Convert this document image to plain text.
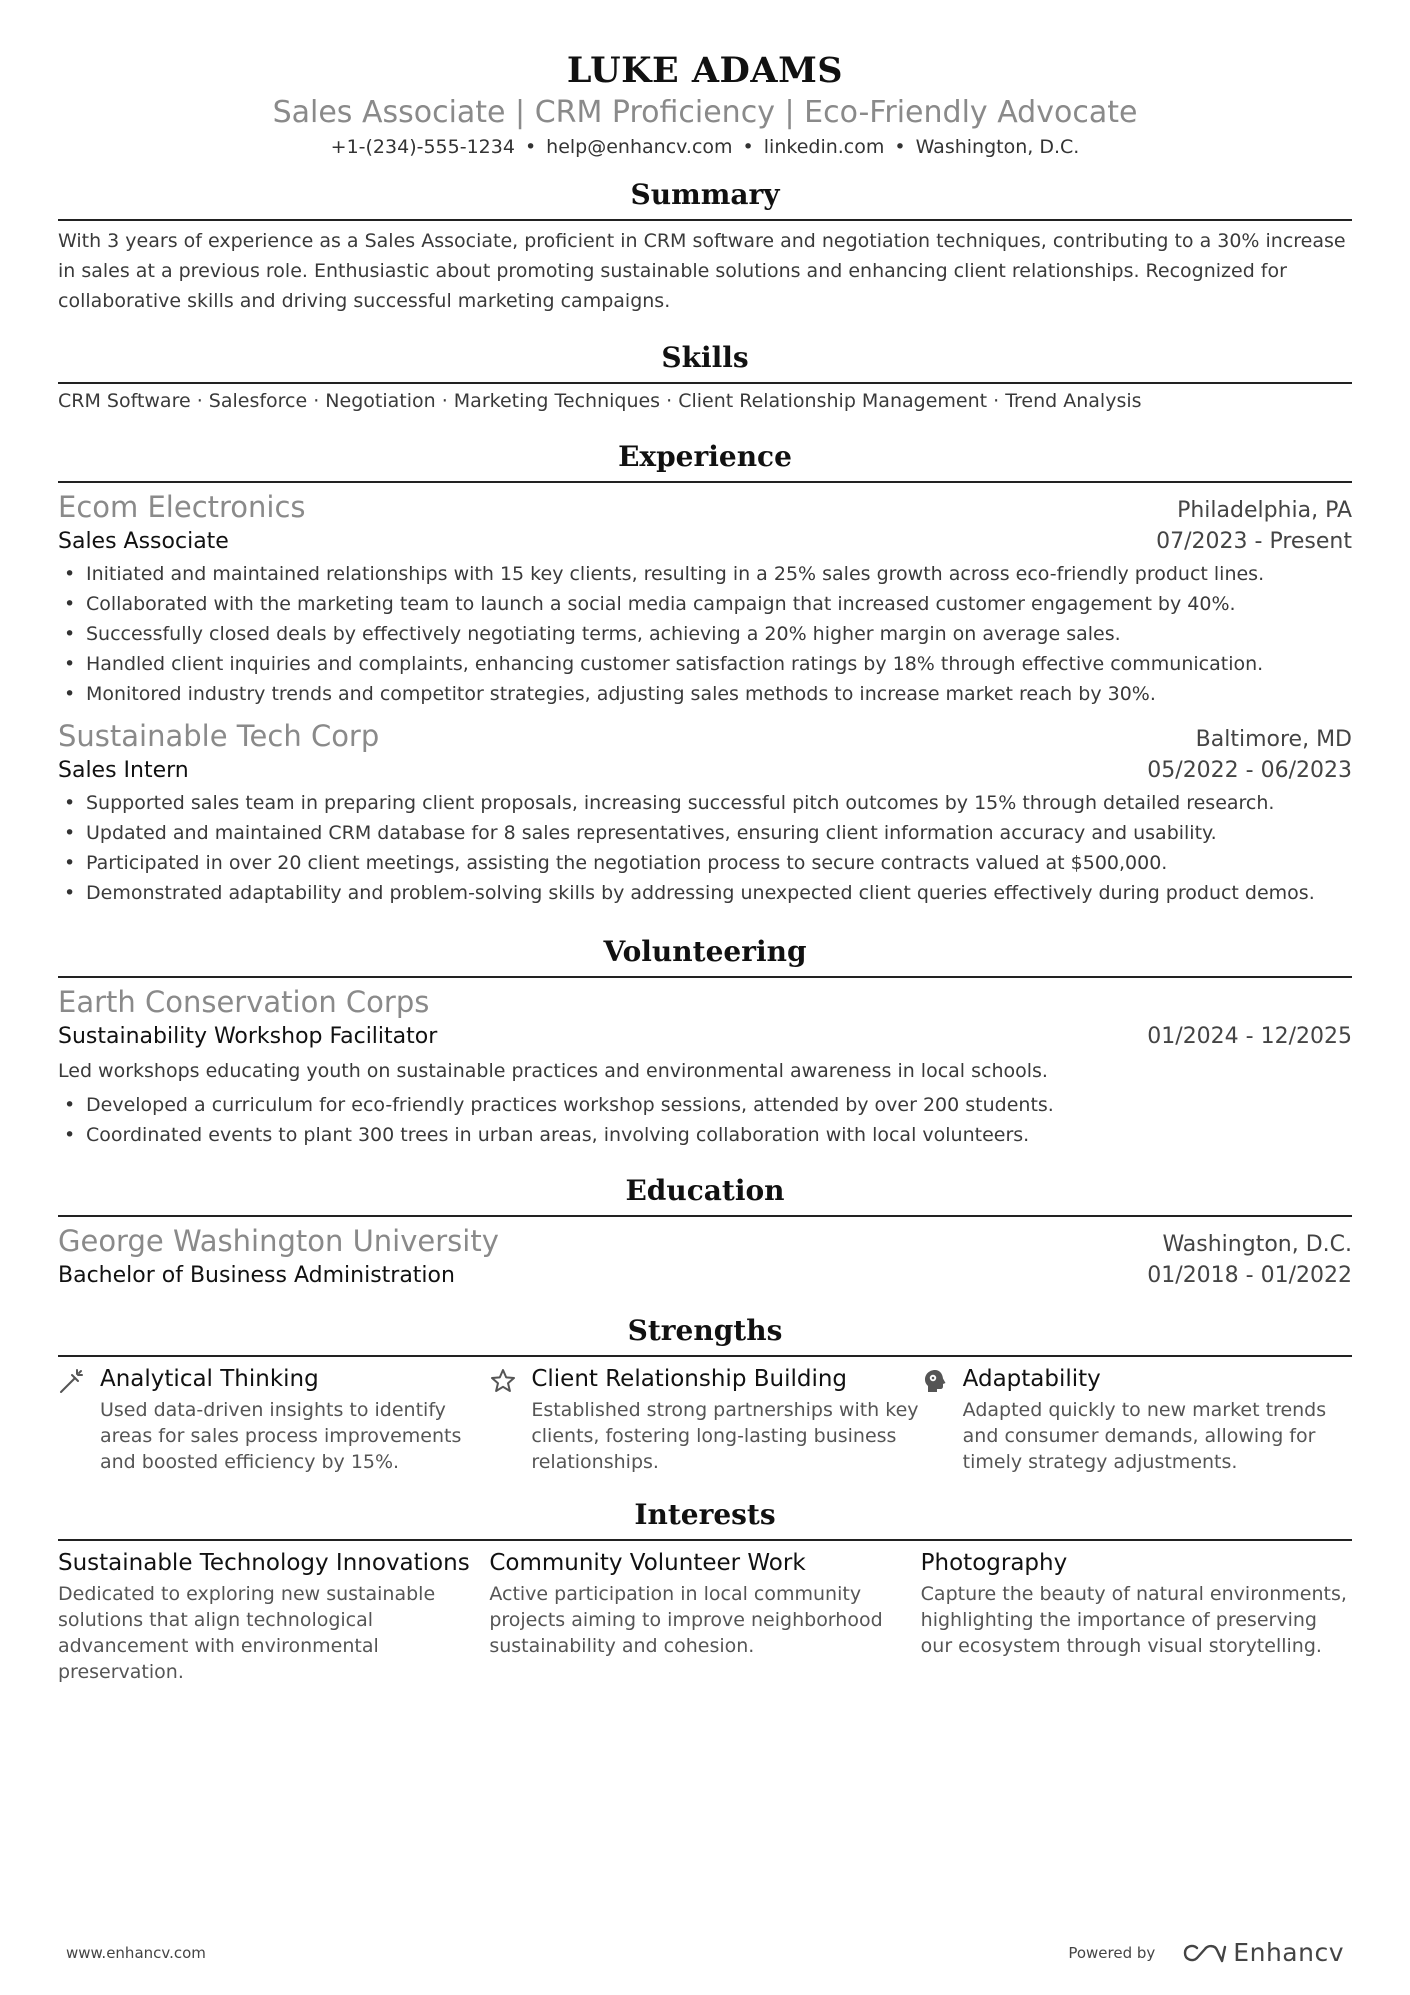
LUKE ADAMS
Sales Associate | CRM Proficiency | Eco-Friendly Advocate
+1-(234)-555-1234 • help@enhancv.com • linkedin.com • Washington, D.C.
Summary
With 3 years of experience as a Sales Associate, proficient in CRM software and negotiation techniques, contributing to a 30% increase in sales at a previous role. Enthusiastic about promoting sustainable solutions and enhancing client relationships. Recognized for collaborative skills and driving successful marketing campaigns.
Skills
CRM Software · Salesforce · Negotiation · Marketing Techniques · Client Relationship Management · Trend Analysis
Experience
Ecom Electronics	Philadelphia, PA
Sales Associate	07/2023 - Present
• Initiated and maintained relationships with 15 key clients, resulting in a 25% sales growth across eco-friendly product lines.
• Collaborated with the marketing team to launch a social media campaign that increased customer engagement by 40%.
• Successfully closed deals by effectively negotiating terms, achieving a 20% higher margin on average sales.
• Handled client inquiries and complaints, enhancing customer satisfaction ratings by 18% through effective communication.
• Monitored industry trends and competitor strategies, adjusting sales methods to increase market reach by 30%.
Sustainable Tech Corp	Baltimore, MD
Sales Intern	05/2022 - 06/2023
• Supported sales team in preparing client proposals, increasing successful pitch outcomes by 15% through detailed research.
• Updated and maintained CRM database for 8 sales representatives, ensuring client information accuracy and usability.
• Participated in over 20 client meetings, assisting the negotiation process to secure contracts valued at $500,000.
• Demonstrated adaptability and problem-solving skills by addressing unexpected client queries effectively during product demos.
Volunteering
Earth Conservation Corps
Sustainability Workshop Facilitator	01/2024 - 12/2025
Led workshops educating youth on sustainable practices and environmental awareness in local schools.
• Developed a curriculum for eco-friendly practices workshop sessions, attended by over 200 students.
• Coordinated events to plant 300 trees in urban areas, involving collaboration with local volunteers.
Education
George Washington University	Washington, D.C.
Bachelor of Business Administration	01/2018 - 01/2022
Strengths
Analytical Thinking
Used data-driven insights to identify areas for sales process improvements and boosted efficiency by 15%.
Client Relationship Building
Established strong partnerships with key clients, fostering long-lasting business relationships.
Adaptability
Adapted quickly to new market trends and consumer demands, allowing for timely strategy adjustments.
Interests
Sustainable Technology Innovations
Dedicated to exploring new sustainable solutions that align technological advancement with environmental preservation.
Community Volunteer Work
Active participation in local community projects aiming to improve neighborhood sustainability and cohesion.
Photography
Capture the beauty of natural environments, highlighting the importance of preserving our ecosystem through visual storytelling.
www.enhancv.com	Powered by	Enhancv
